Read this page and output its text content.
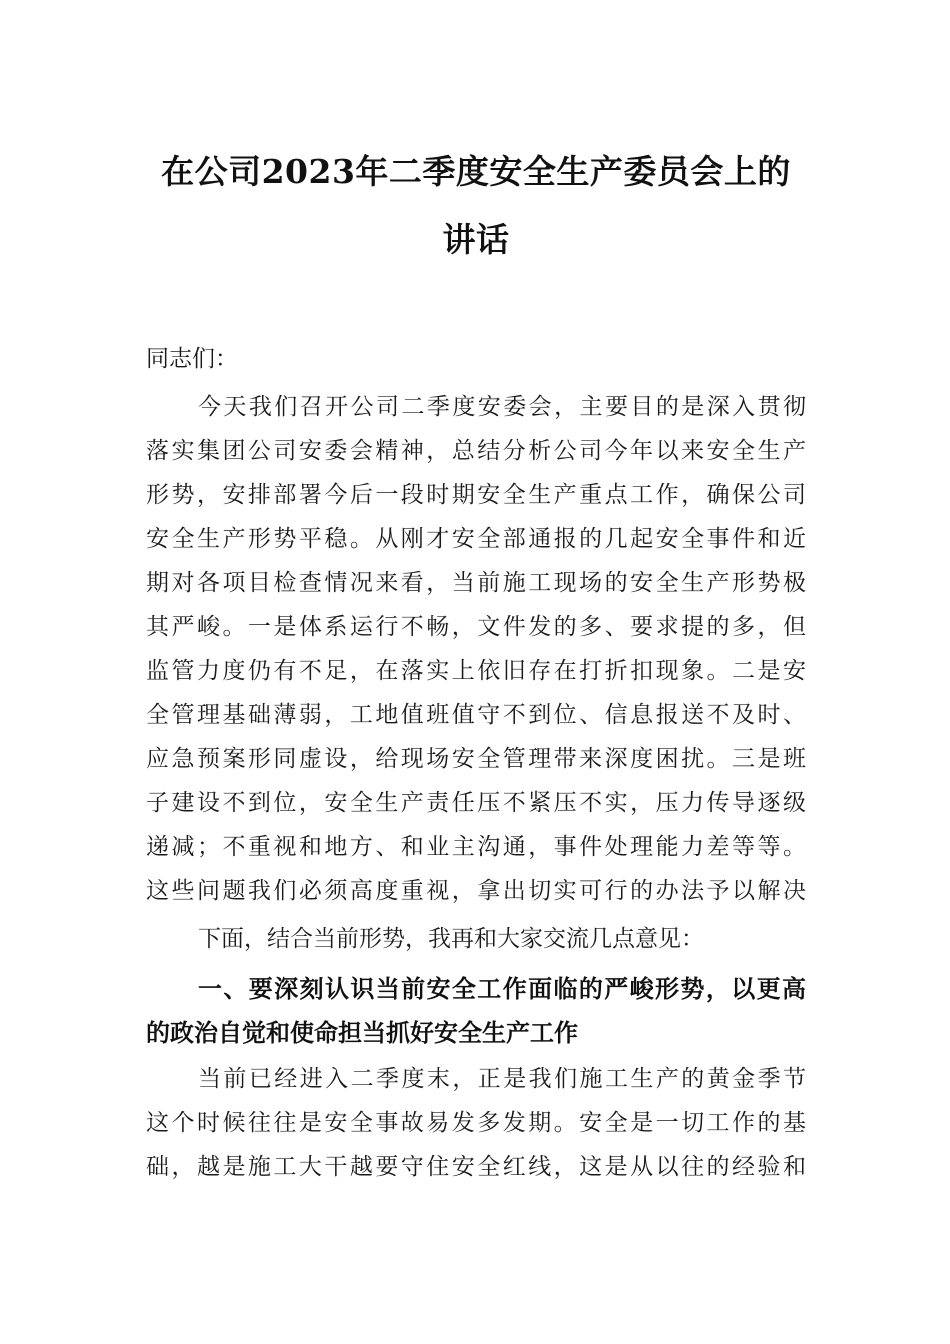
在公司2023年二季度安全生产委员会上的
讲话
同志们：
今天我们召开公司二季度安委会，主要目的是深入贯彻
落实集团公司安委会精神，总结分析公司今年以来安全生产
形势，安排部署今后一段时期安全生产重点工作，确保公司
安全生产形势平稳。从刚才安全部通报的几起安全事件和近
期对各项目检查情况来看，当前施工现场的安全生产形势极
其严峻。一是体系运行不畅，文件发的多、要求提的多，但
监管力度仍有不足，在落实上依旧存在打折扣现象。二是安
全管理基础薄弱，工地值班值守不到位、信息报送不及时、
应急预案形同虚设，给现场安全管理带来深度困扰。三是班
子建设不到位，安全生产责任压不紧压不实，压力传导逐级
递减；不重视和地方、和业主沟通，事件处理能力差等等。
这些问题我们必须高度重视，拿出切实可行的办法予以解决
下面，结合当前形势，我再和大家交流几点意见：
一、要深刻认识当前安全工作面临的严峻形势，以更高
的政治自觉和使命担当抓好安全生产工作
当前已经进入二季度末，正是我们施工生产的黄金季节
这个时候往往是安全事故易发多发期。安全是一切工作的基
础，越是施工大干越要守住安全红线，这是从以往的经验和
